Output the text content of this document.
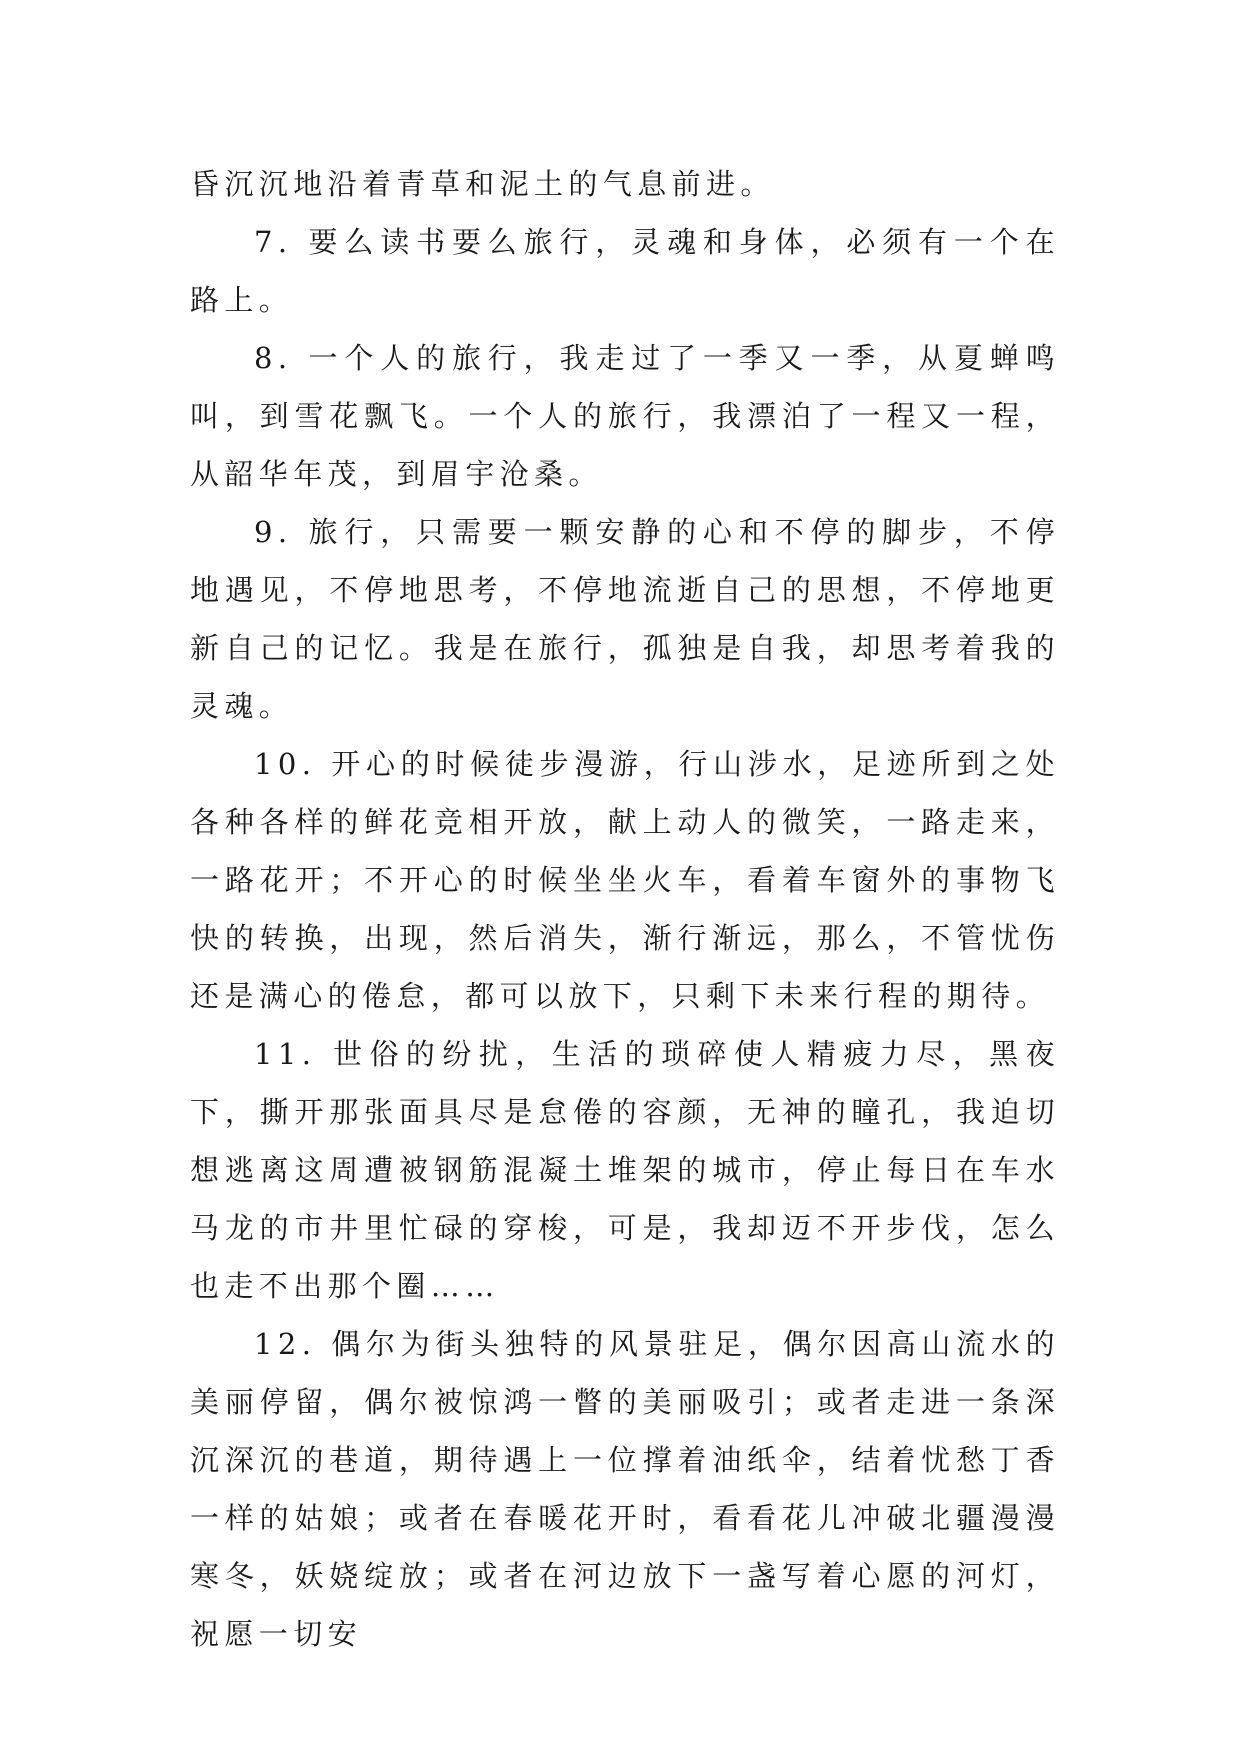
昏沉沉地沿着青草和泥土的气息前进。

7. 要么读书要么旅行，灵魂和身体，必须有一个在路上。

8. 一个人的旅行，我走过了一季又一季，从夏蝉鸣叫，到雪花飘飞。一个人的旅行，我漂泊了一程又一程，从韶华年茂，到眉宇沧桑。

9. 旅行，只需要一颗安静的心和不停的脚步，不停地遇见，不停地思考，不停地流逝自己的思想，不停地更新自己的记忆。我是在旅行，孤独是自我，却思考着我的灵魂。

10. 开心的时候徒步漫游，行山涉水，足迹所到之处各种各样的鲜花竞相开放，献上动人的微笑，一路走来，一路花开；不开心的时候坐坐火车，看着车窗外的事物飞快的转换，出现，然后消失，渐行渐远，那么，不管忧伤还是满心的倦怠，都可以放下，只剩下未来行程的期待。

11. 世俗的纷扰，生活的琐碎使人精疲力尽，黑夜下，撕开那张面具尽是怠倦的容颜，无神的瞳孔，我迫切想逃离这周遭被钢筋混凝土堆架的城市，停止每日在车水马龙的市井里忙碌的穿梭，可是，我却迈不开步伐，怎么也走不出那个圈……

12. 偶尔为街头独特的风景驻足，偶尔因高山流水的美丽停留，偶尔被惊鸿一瞥的美丽吸引；或者走进一条深沉深沉的巷道，期待遇上一位撑着油纸伞，结着忧愁丁香一样的姑娘；或者在春暖花开时，看看花儿冲破北疆漫漫寒冬，妖娆绽放；或者在河边放下一盏写着心愿的河灯，祝愿一切安
